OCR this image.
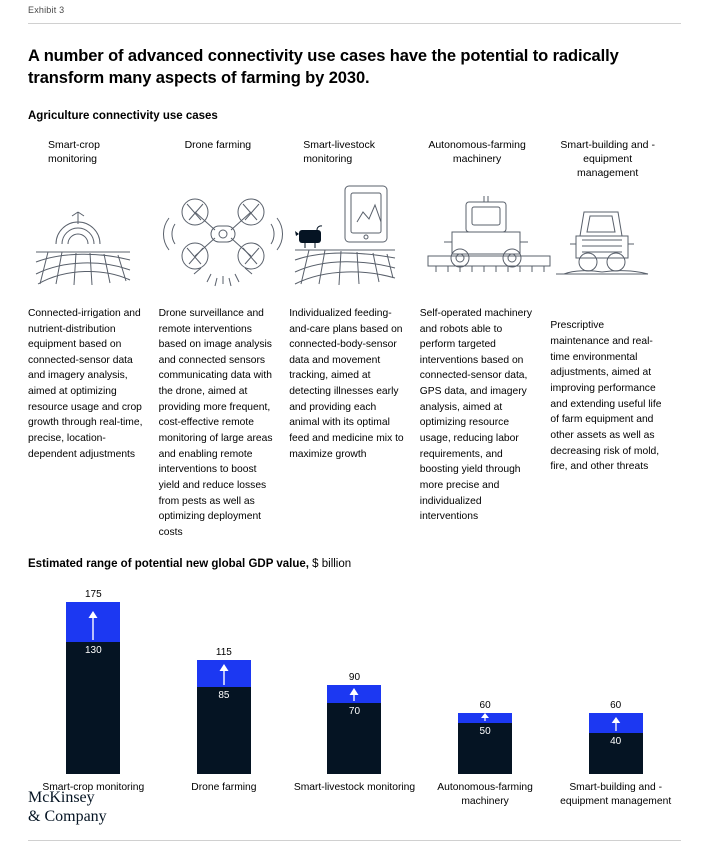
Exhibit 3
A number of advanced connectivity use cases have the potential to radically transform many aspects of farming by 2030.
Agriculture connectivity use cases
Smart-crop monitoring
Connected-irrigation and nutrient-distribution equipment based on connected-sensor data and imagery analysis, aimed at optimizing resource usage and crop growth through real-time, precise, location-dependent adjustments
Drone farming
Drone surveillance and remote interventions based on image analysis and connected sensors communicating data with the drone, aimed at providing more frequent, cost-effective remote monitoring of large areas and enabling remote interventions to boost yield and reduce losses from pests as well as optimizing deployment costs
Smart-livestock monitoring
Individualized feeding-and-care plans based on connected-body-sensor data and movement tracking, aimed at detecting illnesses early and providing each animal with its optimal feed and medicine mix to maximize growth
Autonomous-farming machinery
Self-operated machinery and robots able to perform targeted interventions based on connected-sensor data, GPS data, and imagery analysis, aimed at optimizing resource usage, reducing labor requirements, and boosting yield through more precise and individualized interventions
Smart-building and -equipment management
Prescriptive maintenance and real-time environmental adjustments, aimed at improving performance and extending useful life of farm equipment and other assets as well as decreasing risk of mold, fire, and other threats
Estimated range of potential new global GDP value, $ billion
175
130	115
85
90
70
60
50
60
40
Smart-crop monitoring	Drone farming	Smart-livestock monitoring	Autonomous-farming machinery
Smart-building and -equipment management
McKinsey
& Company
